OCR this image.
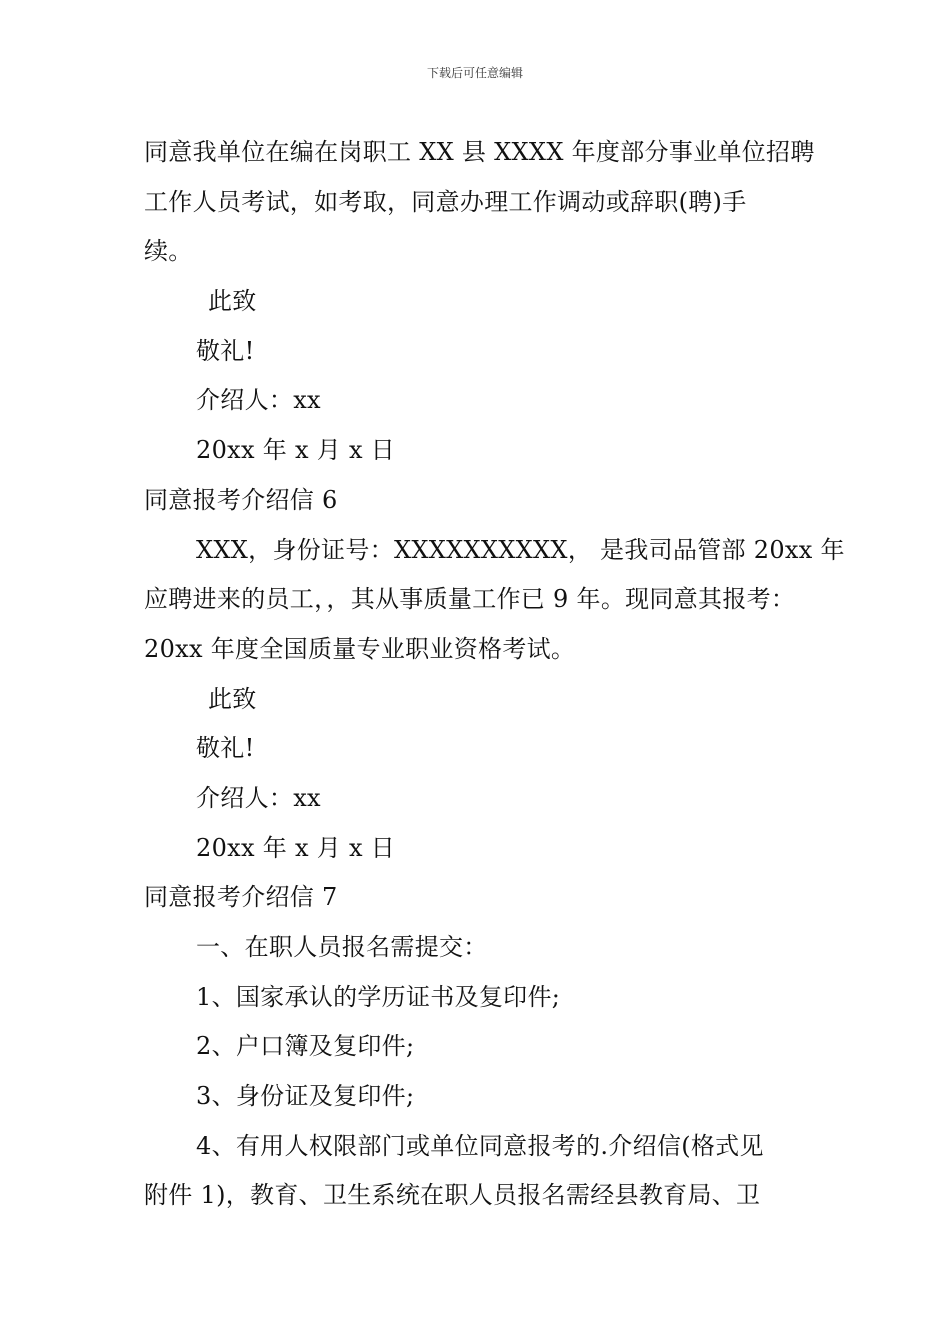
下载后可任意编辑
同意我单位在编在岗职工 XX 县 XXXX 年度部分事业单位招聘
工作人员考试，如考取，同意办理工作调动或辞职(聘)手
续。
此致
敬礼!
介绍人：xx
20xx 年 x 月 x 日
同意报考介绍信 6
XXX，身份证号：XXXXXXXXXX， 是我司品管部 20xx 年
应聘进来的员工，，其从事质量工作已 9 年。现同意其报考：
20xx 年度全国质量专业职业资格考试。
此致
敬礼!
介绍人：xx
20xx 年 x 月 x 日
同意报考介绍信 7
一、在职人员报名需提交：
1、国家承认的学历证书及复印件;
2、户口簿及复印件;
3、身份证及复印件;
4、有用人权限部门或单位同意报考的.介绍信(格式见
附件 1)，教育、卫生系统在职人员报名需经县教育局、卫
